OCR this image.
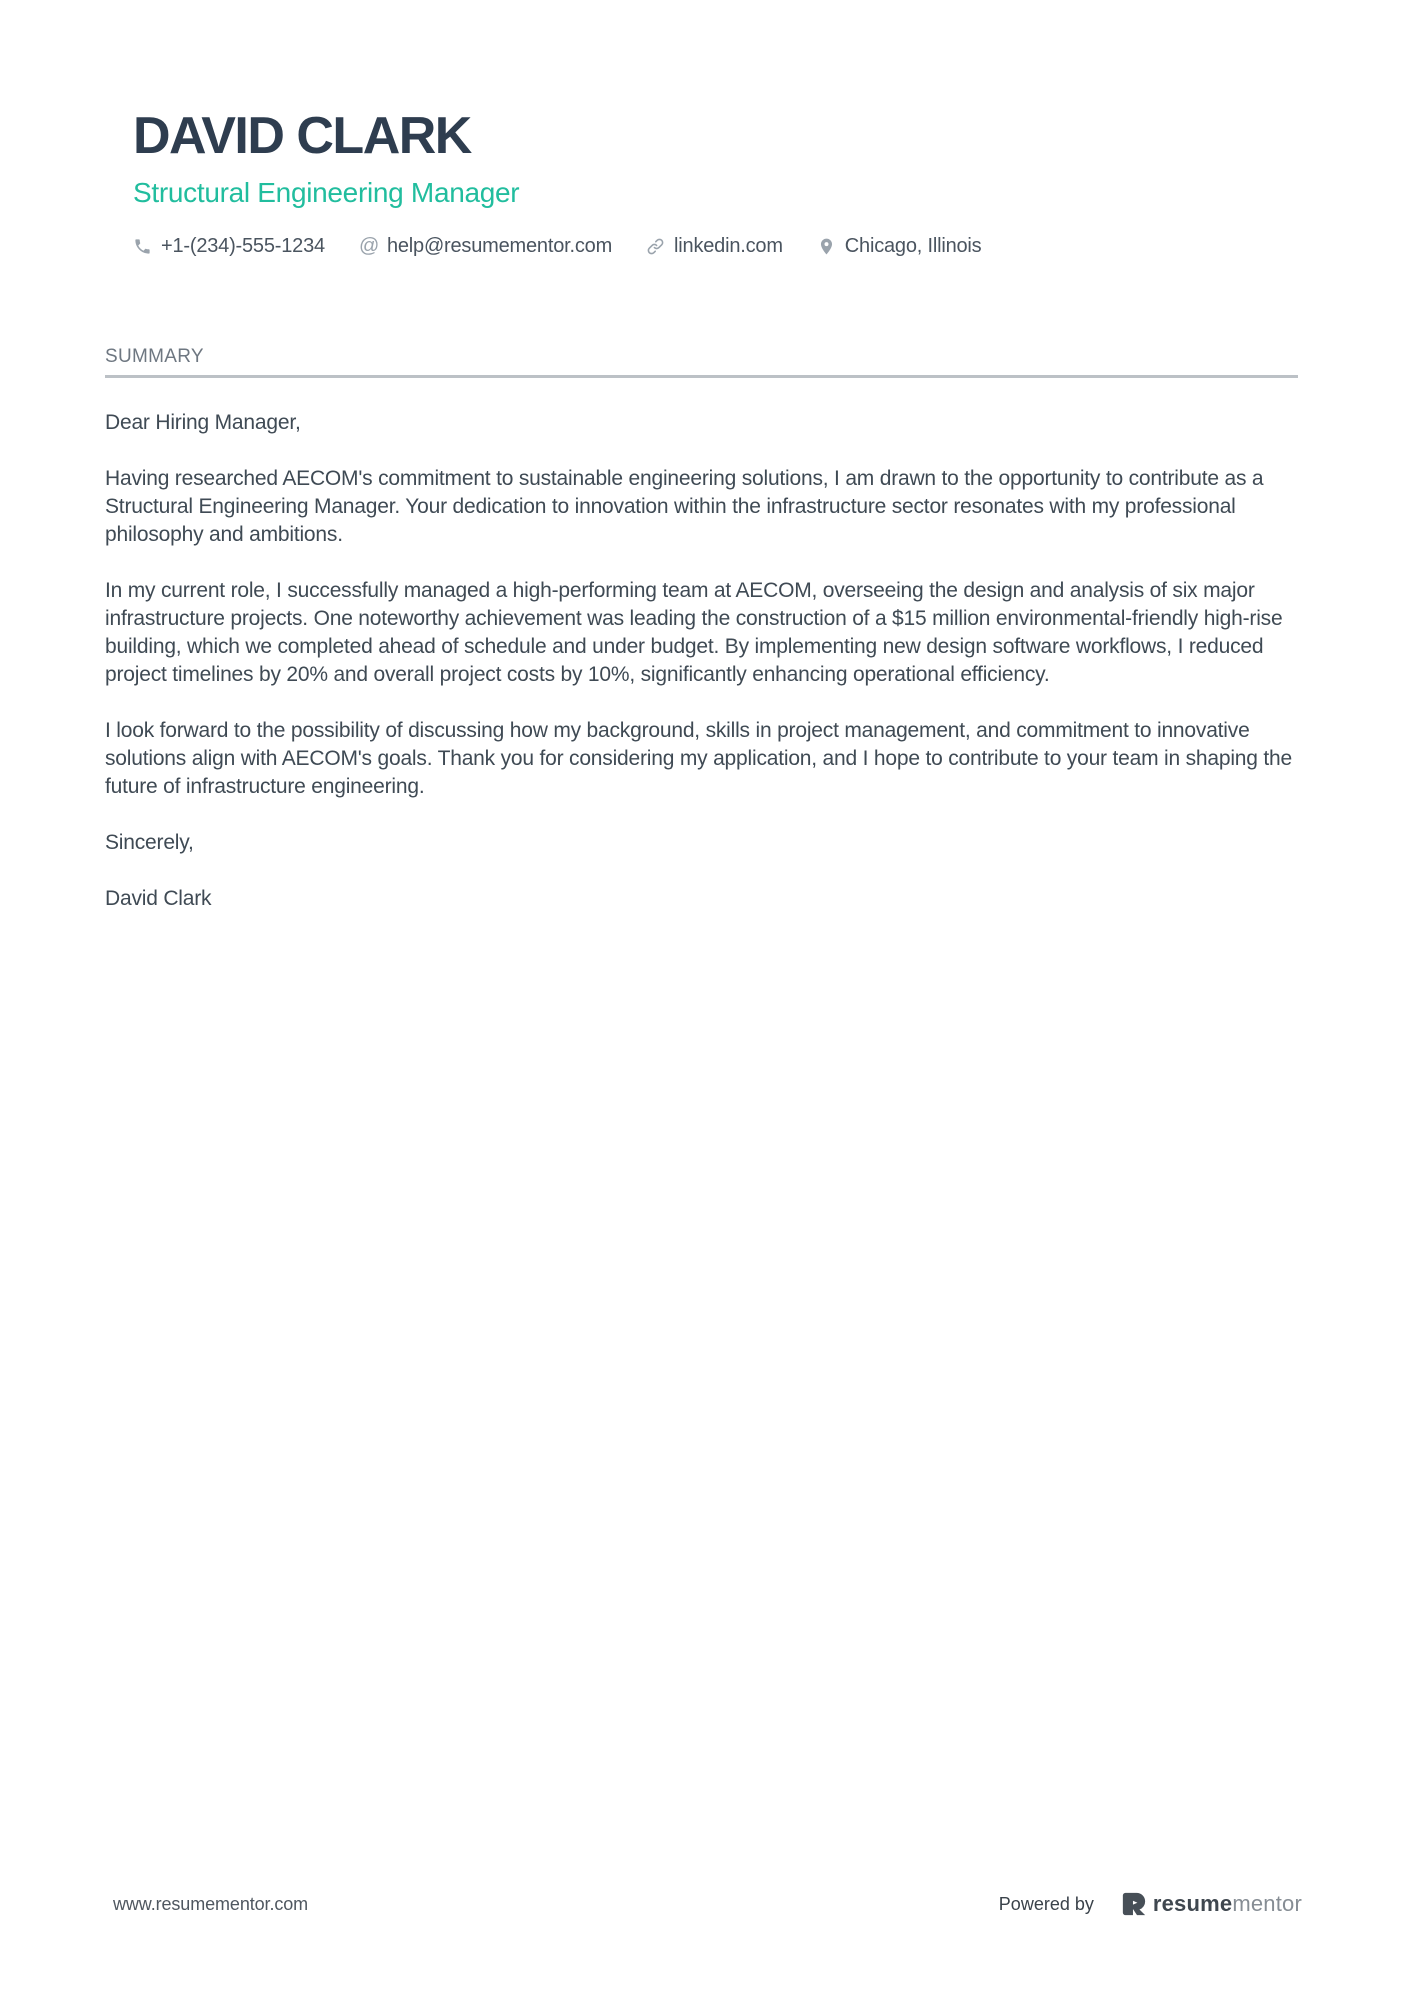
DAVID CLARK
Structural Engineering Manager
+1-(234)-555-1234 @ help@resumementor.com	linkedin.com	Chicago, Illinois
SUMMARY

Dear Hiring Manager,

Having researched AECOM's commitment to sustainable engineering solutions, I am drawn to the opportunity to contribute as a Structural Engineering Manager. Your dedication to innovation within the infrastructure sector resonates with my professional philosophy and ambitions.

In my current role, I successfully managed a high-performing team at AECOM, overseeing the design and analysis of six major infrastructure projects. One noteworthy achievement was leading the construction of a $15 million environmental-friendly high-rise building, which we completed ahead of schedule and under budget. By implementing new design software workflows, I reduced project timelines by 20% and overall project costs by 10%, significantly enhancing operational efficiency.

I look forward to the possibility of discussing how my background, skills in project management, and commitment to innovative solutions align with AECOM's goals. Thank you for considering my application, and I hope to contribute to your team in shaping the future of infrastructure engineering.

Sincerely,

David Clark

www.resumementor.com	Powered by	resumementor
